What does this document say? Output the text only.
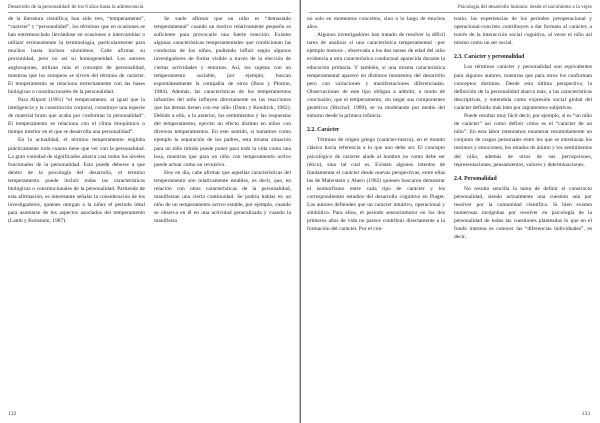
Desarrollo de la personalidad: de los 6 años hasta la adolescencia

de la literatura científica, han sido tres, “temperamento”, “carácter” y “personalidad”, los términos que en ocasiones se han entremezclado llevándose en ocasiones a intercambiar o utilizar erróneamente la terminología, particularmente para muchos hasta incluso sinónimos. Cabe afirmar su proximidad, pero no así su homogeneidad. Los autores anglosajones, utilizan más el concepto de personalidad, mientras que los europeos se sirven del término de carácter. El temperamento se relaciona estrechamente con las bases biológicas o constitucionales de la personalidad.

Para Allport (1961) “el temperamento, al igual que la inteligencia y la constitución corporal, constituye una especie de material bruto que acaba por conformar la personalidad”. El temperamento se relaciona con el clima bioquímico o tiempo interior en el que se desarrolla una personalidad”.

En la actualidad, el término temperamento engloba prácticamente todo cuanto tiene que ver con la personalidad. La gran variedad de significados abarca casi todos los niveles funcionales de la personalidad. Esto puede deberse a que dentro de la psicología del desarrollo, el término temperamento puede incluir todas las características biológicas o constitucionales de la personalidad. Partiendo de esta afirmación, es interesante señalar la consideración de los investigadores, quienes otorgan a la niñez el período ideal para asomarse de los aspectos asociados del temperamento (Lamb y Bornstein, 1987).

Se suele afirmar que un niño es “demasiado temperamental” cuando un motivo relativamente pequeño es suficiente para provocarle una fuerte reacción. Existen algunas características temperamentales que condicionan las conductas de los niños, pudiendo influir según algunos investigadores de forma visible a través de la elección de ciertas actividades y entornos. Así, los sujetos con un temperamento sociable, por ejemplo, buscan espontáneamente la compañía de otros (Buss y Plomin, 1984). Además, las características de los temperamentos infantiles del niño influyen directamente en las reacciones que las demás tienen con ese niño (Dunn y Kendrick, 1982). Debido a ello, a lo anterior, los sentimientos y las respuestas del temperamento, ejercen un efecto distinto en niños con diversos temperamentos. En este sentido, si tomamos como ejemplo la separación de los padres, esta misma situación para un niño tímido puede poner para todo la vida como una losa, mientras que para un niño con temperamento activo puede actuar como un revulsivo.

Hoy en día, cabe afirmar que aquellas características del temperamento son relativamente estables, es decir, que, en relación con otras características de la personalidad, manifiestan una cierta continuidad. Se podría hablar en un niño de un temperamento activo estable, por ejemplo, cuando se observa en él en una actividad generalizada y cuando la manifiesta

132
Psicología del desarrollo humano: desde el nacimiento a la vejez

no solo en momentos concretos, sino a lo largo de muchos años.

Algunos investigadores han tratado de resolver la difícil tarea de analizar si una característica temperamental –por ejemplo motora–, observada a los dos meses de edad del niño evidencia a otra característica conductual aparecida durante la educación primaria. Y también, si una misma característica temperamental aparece en distintos momentos del desarrollo pero con variaciones y manifestaciones diferenciadas. Observaciones de este tipo obligan a admitir, a modo de conclusión, que el temperamento, sin negar sus componentes genéticos (Bischof, 1989), se va modelando por medio del entorno desde la primera infancia.

2.2. Carácter

Término de origen griego (carácter-marca), en el mundo clásico hacía referencia a lo que uno debe ser. El concepto psicológico de carácter alude al hombre no como debe ser (ético), sino tal cual es. Existen algunos intentos de fundamentar el carácter desde nuevas perspectivas, entre ellas las de Malerstein y Ahern (1982) quienes buscaron demostrar el isomorfismo entre cada tipo de carácter y los correspondientes estadios del desarrollo cognitivo en Piaget. Los autores defienden que un carácter intuitivo, operacional y simbólico. Para ellos, el periodo sensoriomotor en los dos primeros años de vida no parece contribuir directamente a la formación del carácter. Por el con-

trario, las experiencias de los periodos preoperacional y operacional-concreto contribuyen a dar formato al carácter, a través de la interacción social cognitiva, al verse el niño así mismo como un ser social.

2.3. Carácter y personalidad

Los términos carácter y personalidad son equivalentes para algunos autores, mientras que para otros los conforman conceptos distintos. Desde esta última perspectiva, la definición de la personalidad abarca más, a las características descriptivas, y entendida como expresión social global del carácter definido más bien por argumentos subjetivos.

Puede resultar muy fácil decir, por ejemplo, si es “un niño de carácter” así como definir cómo es el “carácter de un niño”. En esta labor intentamos enumerar resumidamente un conjunto de rasgos personales entre los que se entrelazan los instintos y emociones, los estados de ánimo y los sentimientos del niño, además de otros de sus percepciones, representaciones, pensamientos, valores y determinaciones.

2.4. Personalidad

No resulta sencilla la tarea de definir el constructo personalidad, siendo actualmente una cuestión aún por resolver por la comunidad científica. Si bien existen numerosas incógnitas por resolver en psicología de la personalidad de todas las cuestiones planteadas lo que en el fondo interesa es conocer las “diferencias individuales”, es decir,

133
